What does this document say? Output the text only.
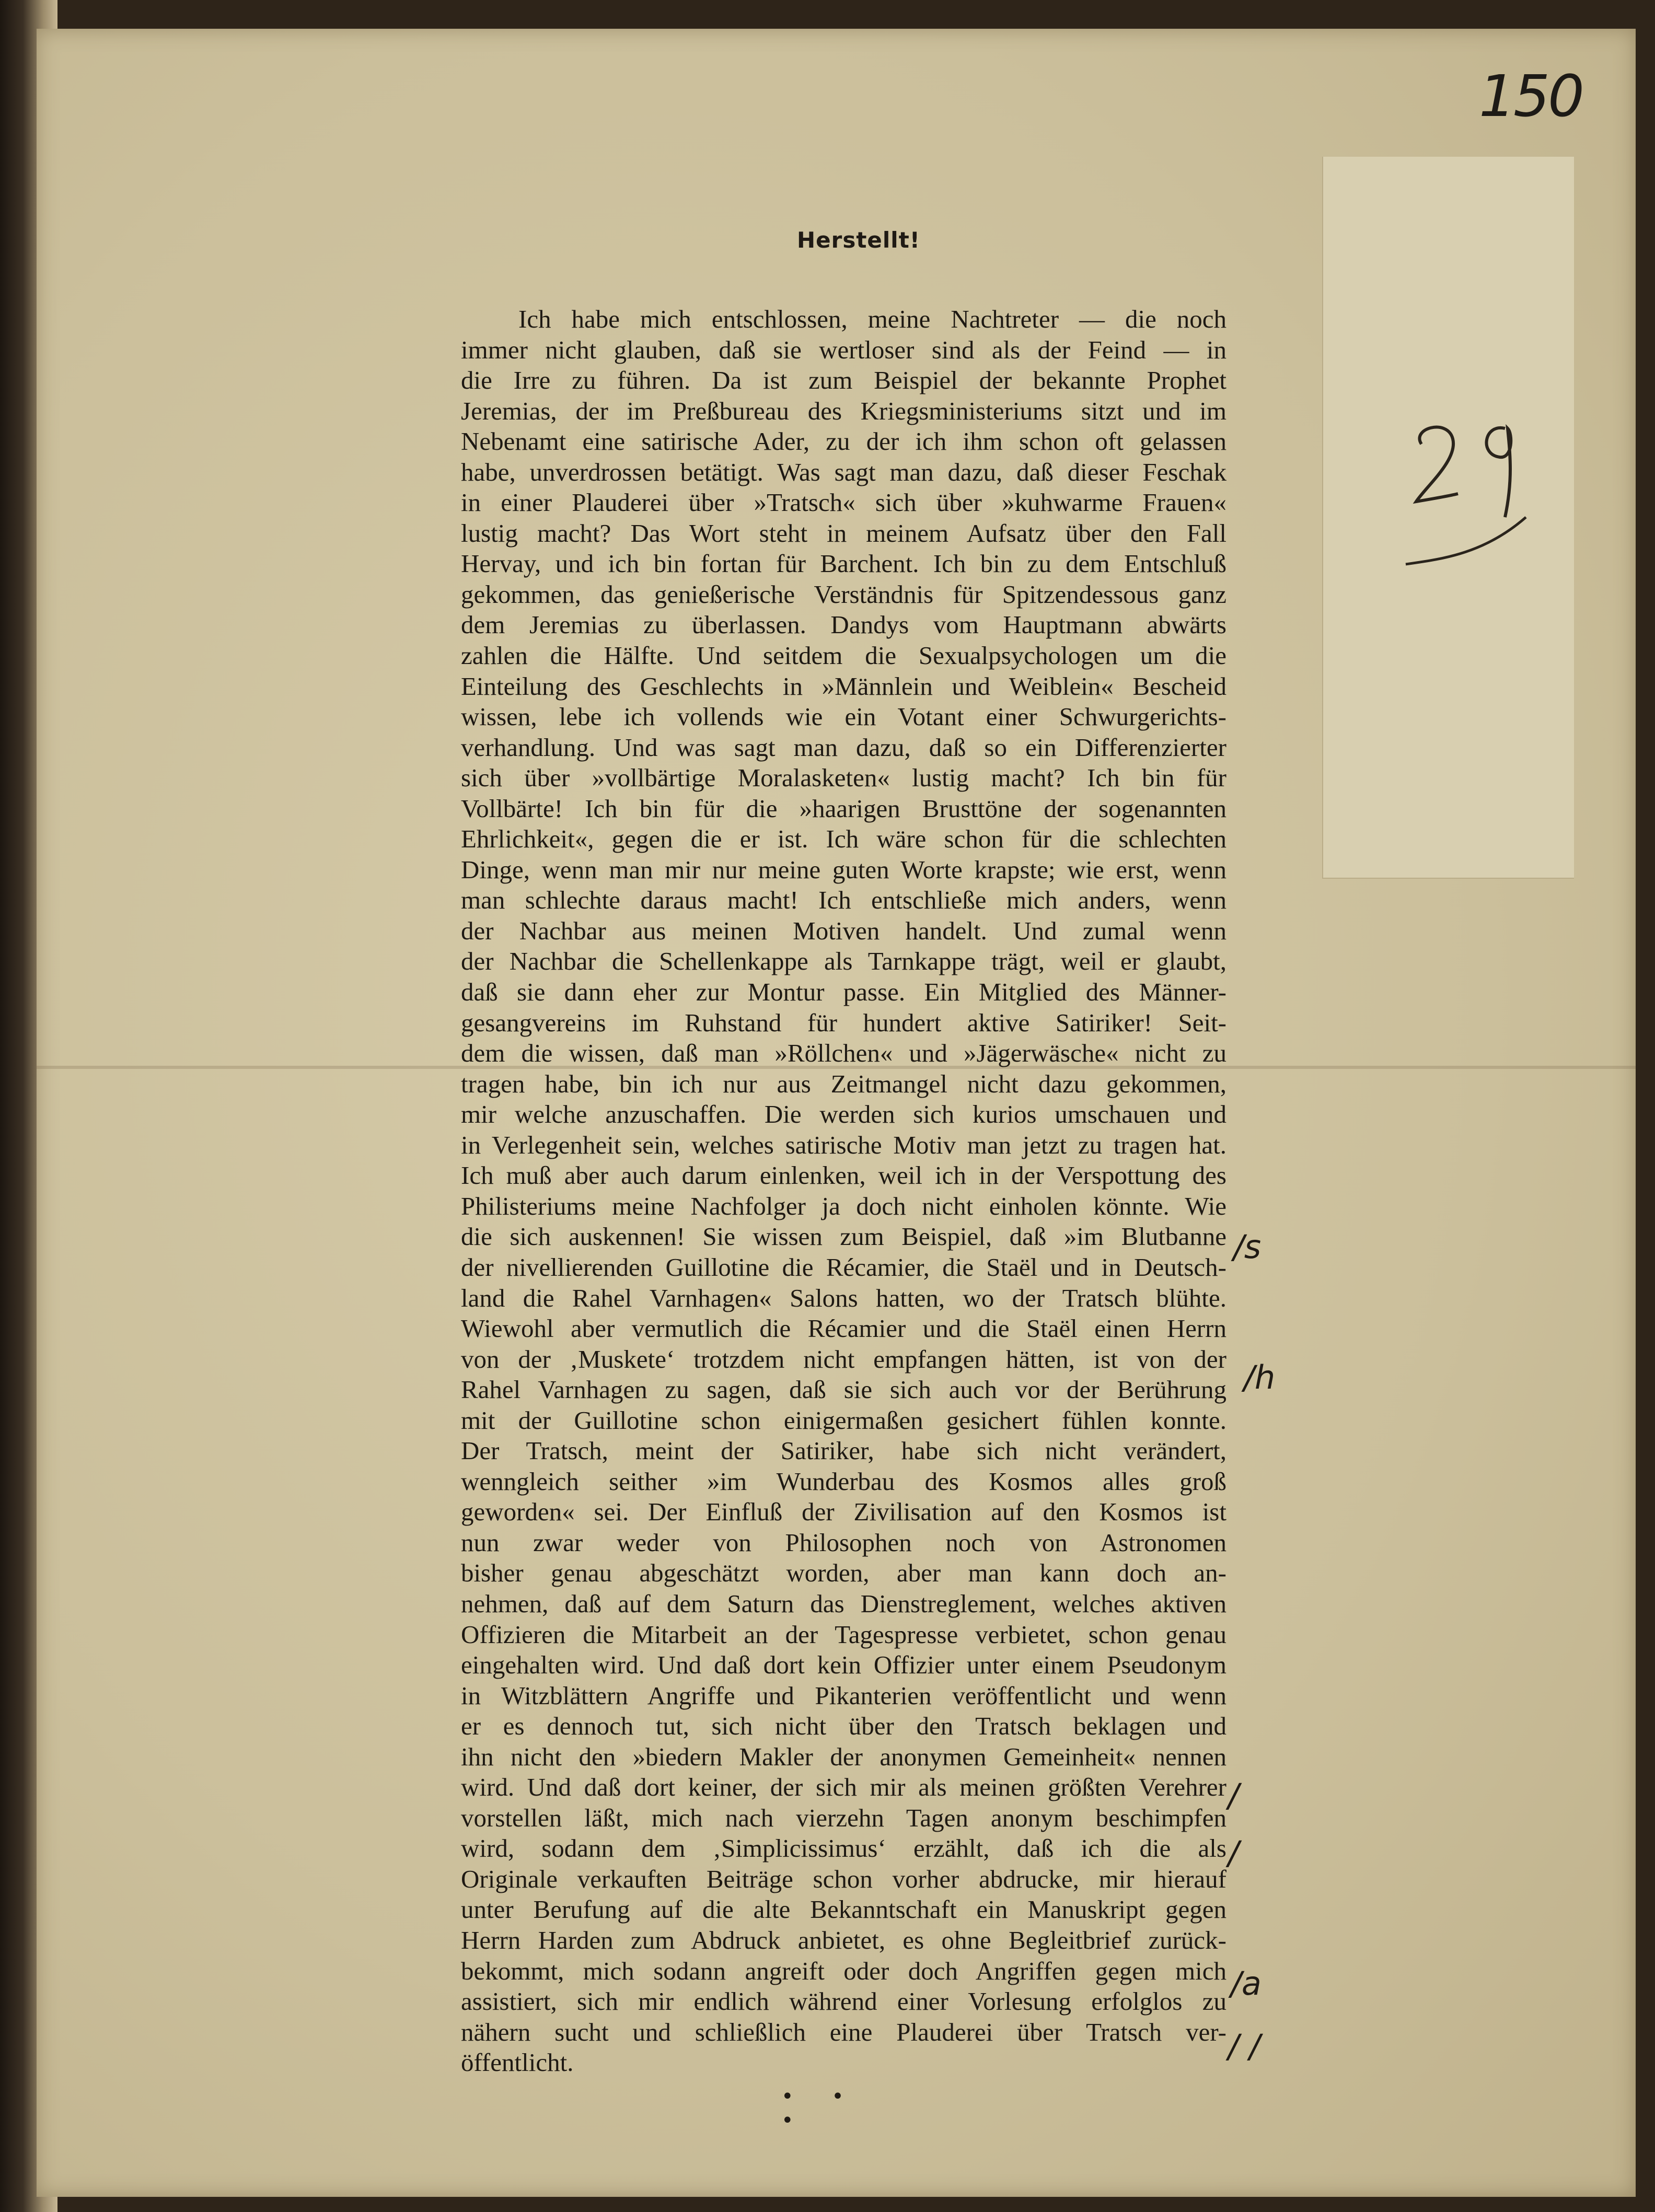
150
Herstellt!
Ich habe mich entschlossen, meine Nachtreter — die noch
immer nicht glauben, daß sie wertloser sind als der Feind — in
die Irre zu führen. Da ist zum Beispiel der bekannte Prophet
Jeremias, der im Preßbureau des Kriegsministeriums sitzt und im
Nebenamt eine satirische Ader, zu der ich ihm schon oft gelassen
habe, unverdrossen betätigt. Was sagt man dazu, daß dieser Feschak
in einer Plauderei über »Tratsch« sich über »kuhwarme Frauen«
lustig macht? Das Wort steht in meinem Aufsatz über den Fall
Hervay, und ich bin fortan für Barchent. Ich bin zu dem Entschluß
gekommen, das genießerische Verständnis für Spitzendessous ganz
dem Jeremias zu überlassen. Dandys vom Hauptmann abwärts
zahlen die Hälfte. Und seitdem die Sexualpsychologen um die
Einteilung des Geschlechts in »Männlein und Weiblein« Bescheid
wissen, lebe ich vollends wie ein Votant einer Schwurgerichts-
verhandlung. Und was sagt man dazu, daß so ein Differenzierter
sich über »vollbärtige Moralasketen« lustig macht? Ich bin für
Vollbärte! Ich bin für die »haarigen Brusttöne der sogenannten
Ehrlichkeit«, gegen die er ist. Ich wäre schon für die schlechten
Dinge, wenn man mir nur meine guten Worte krapste; wie erst, wenn
man schlechte daraus macht! Ich entschließe mich anders, wenn
der Nachbar aus meinen Motiven handelt. Und zumal wenn
der Nachbar die Schellenkappe als Tarnkappe trägt, weil er glaubt,
daß sie dann eher zur Montur passe. Ein Mitglied des Männer-
gesangvereins im Ruhstand für hundert aktive Satiriker! Seit-
dem die wissen, daß man »Röllchen« und »Jägerwäsche« nicht zu
tragen habe, bin ich nur aus Zeitmangel nicht dazu gekommen,
mir welche anzuschaffen. Die werden sich kurios umschauen und
in Verlegenheit sein, welches satirische Motiv man jetzt zu tragen hat.
Ich muß aber auch darum einlenken, weil ich in der Verspottung des
Philisteriums meine Nachfolger ja doch nicht einholen könnte. Wie
die sich auskennen! Sie wissen zum Beispiel, daß »im Blutbanne
der nivellierenden Guillotine die Récamier, die Staël und in Deutsch-
land die Rahel Varnhagen« Salons hatten, wo der Tratsch blühte.
Wiewohl aber vermutlich die Récamier und die Staël einen Herrn
von der ‚Muskete‘ trotzdem nicht empfangen hätten, ist von der
Rahel Varnhagen zu sagen, daß sie sich auch vor der Berührung
mit der Guillotine schon einigermaßen gesichert fühlen konnte.
Der Tratsch, meint der Satiriker, habe sich nicht verändert,
wenngleich seither »im Wunderbau des Kosmos alles groß
geworden« sei. Der Einfluß der Zivilisation auf den Kosmos ist
nun zwar weder von Philosophen noch von Astronomen
bisher genau abgeschätzt worden, aber man kann doch an-
nehmen, daß auf dem Saturn das Dienstreglement, welches aktiven
Offizieren die Mitarbeit an der Tagespresse verbietet, schon genau
eingehalten wird. Und daß dort kein Offizier unter einem Pseudonym
in Witzblättern Angriffe und Pikanterien veröffentlicht und wenn
er es dennoch tut, sich nicht über den Tratsch beklagen und
ihn nicht den »biedern Makler der anonymen Gemeinheit« nennen
wird. Und daß dort keiner, der sich mir als meinen größten Verehrer
vorstellen läßt, mich nach vierzehn Tagen anonym beschimpfen
wird, sodann dem ‚Simplicissimus‘ erzählt, daß ich die als
Originale verkauften Beiträge schon vorher abdrucke, mir hierauf
unter Berufung auf die alte Bekanntschaft ein Manuskript gegen
Herrn Harden zum Abdruck anbietet, es ohne Begleitbrief zurück-
bekommt, mich sodann angreift oder doch Angriffen gegen mich
assistiert, sich mir endlich während einer Vorlesung erfolglos zu
nähern sucht und schließlich eine Plauderei über Tratsch ver-
öffentlicht.
• • •
/s
/h
/
/
/a
/ /
